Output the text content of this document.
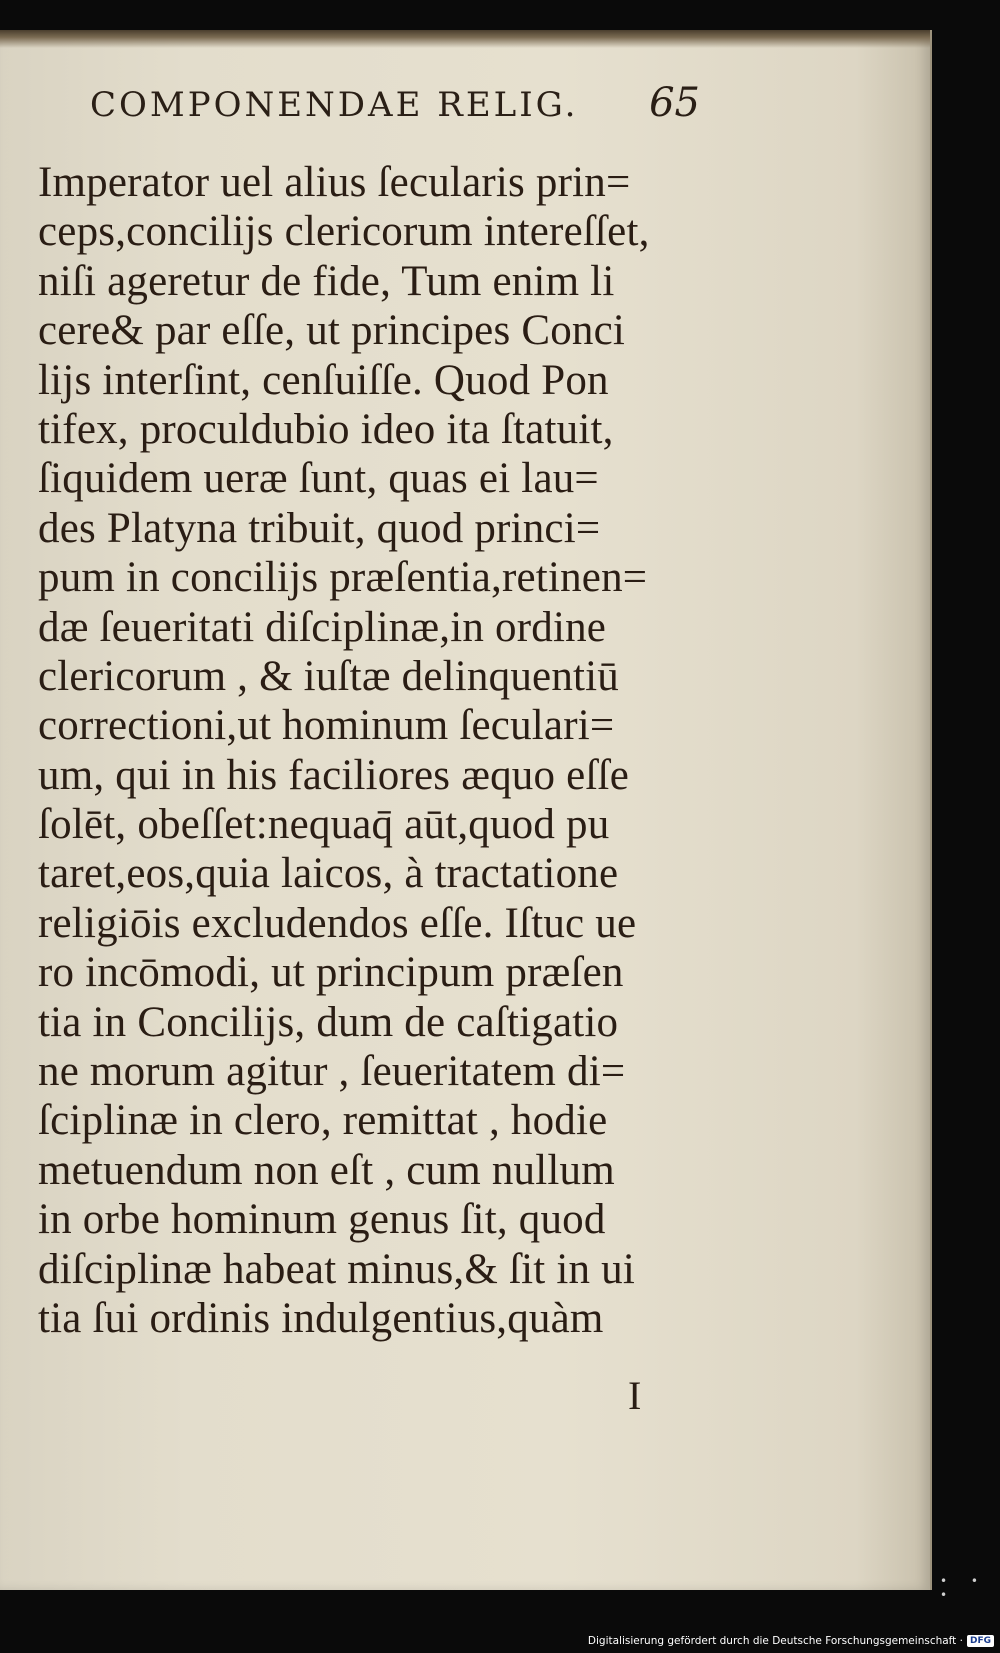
COMPONENDAE RELIG. 65
Imperator uel alius ſecularis prin=
ceps,concilijs clericorum intereſſet,
niſi ageretur de fide, Tum enim li
cere& par eſſe, ut principes Conci
lijs interſint, cenſuiſſe. Quod Pon
tifex, proculdubio ideo ita ſtatuit,
ſiquidem ueræ ſunt, quas ei lau=
des Platyna tribuit, quod princi=
pum in concilijs præſentia,retinen=
dæ ſeueritati diſciplinæ,in ordine
clericorum , & iuſtæ delinquentiū
correctioni,ut hominum ſeculari=
um, qui in his faciliores æquo eſſe
ſolēt, obeſſet:nequaq̄ aūt,quod pu
taret,eos,quia laicos, à tractatione
religiōis excludendos eſſe. Iſtuc ue
ro incōmodi, ut principum præſen
tia in Concilijs, dum de caſtigatio
ne morum agitur , ſeueritatem di=
ſciplinæ in clero, remittat , hodie
metuendum non eſt , cum nullum
in orbe hominum genus ſit, quod
diſciplinæ habeat minus,& ſit in ui
tia ſui ordinis indulgentius,quàm
I
• • •
Digitalisierung gefördert durch die Deutsche Forschungsgemeinschaft · DFG
